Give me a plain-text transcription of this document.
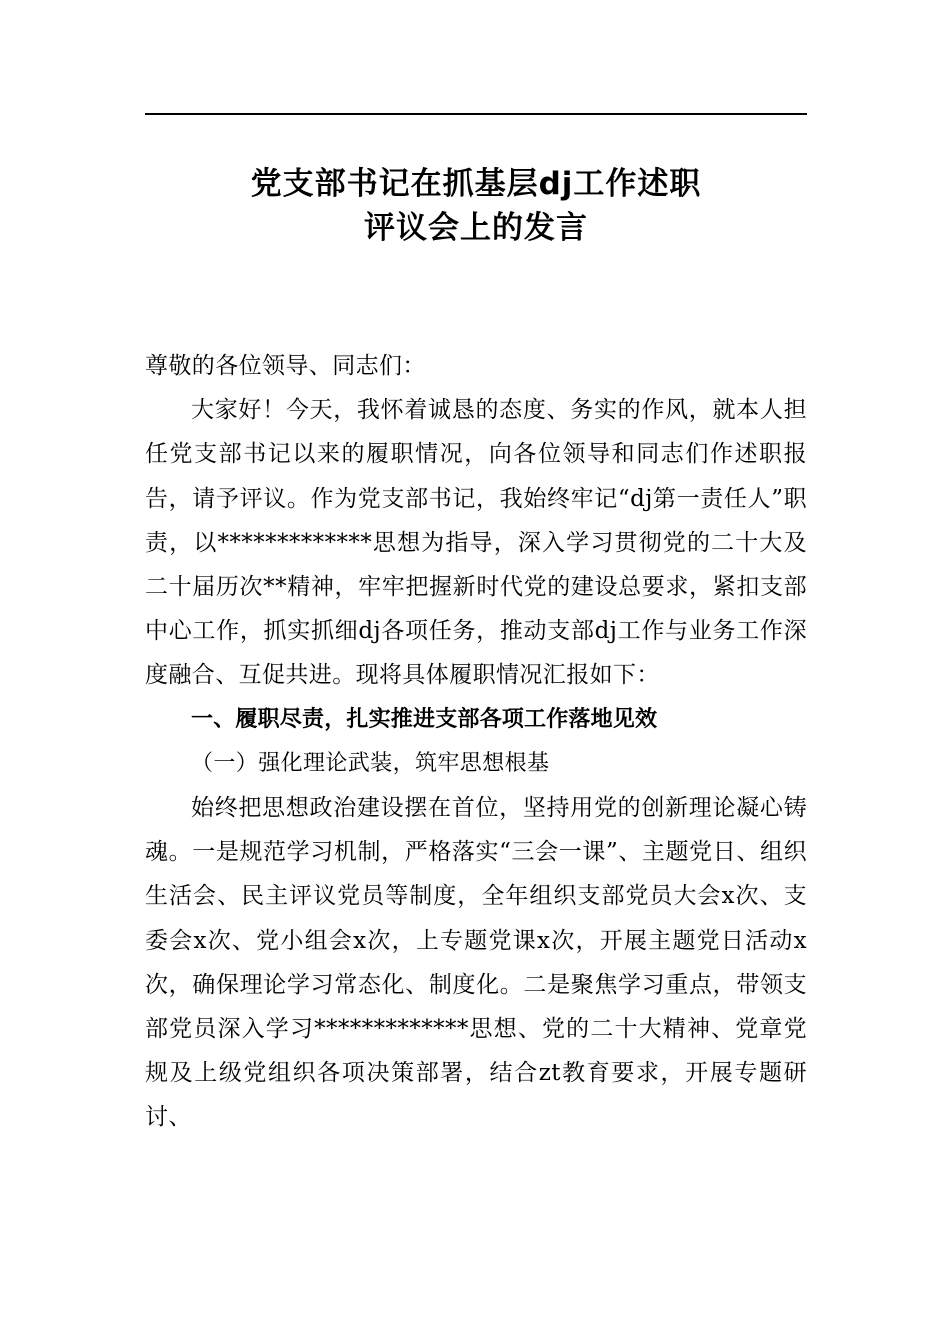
党支部书记在抓基层dj工作述职
评议会上的发言

尊敬的各位领导、同志们：

大家好！今天，我怀着诚恳的态度、务实的作风，就本人担任党支部书记以来的履职情况，向各位领导和同志们作述职报告，请予评议。作为党支部书记，我始终牢记“dj第一责任人”职责，以*************思想为指导，深入学习贯彻党的二十大及二十届历次**精神，牢牢把握新时代党的建设总要求，紧扣支部中心工作，抓实抓细dj各项任务，推动支部dj工作与业务工作深度融合、互促共进。现将具体履职情况汇报如下：

一、履职尽责，扎实推进支部各项工作落地见效

（一）强化理论武装，筑牢思想根基

始终把思想政治建设摆在首位，坚持用党的创新理论凝心铸魂。一是规范学习机制，严格落实“三会一课”、主题党日、组织生活会、民主评议党员等制度，全年组织支部党员大会x次、支委会x次、党小组会x次，上专题党课x次，开展主题党日活动x次，确保理论学习常态化、制度化。二是聚焦学习重点，带领支部党员深入学习*************思想、党的二十大精神、党章党规及上级党组织各项决策部署，结合zt教育要求，开展专题研讨、
